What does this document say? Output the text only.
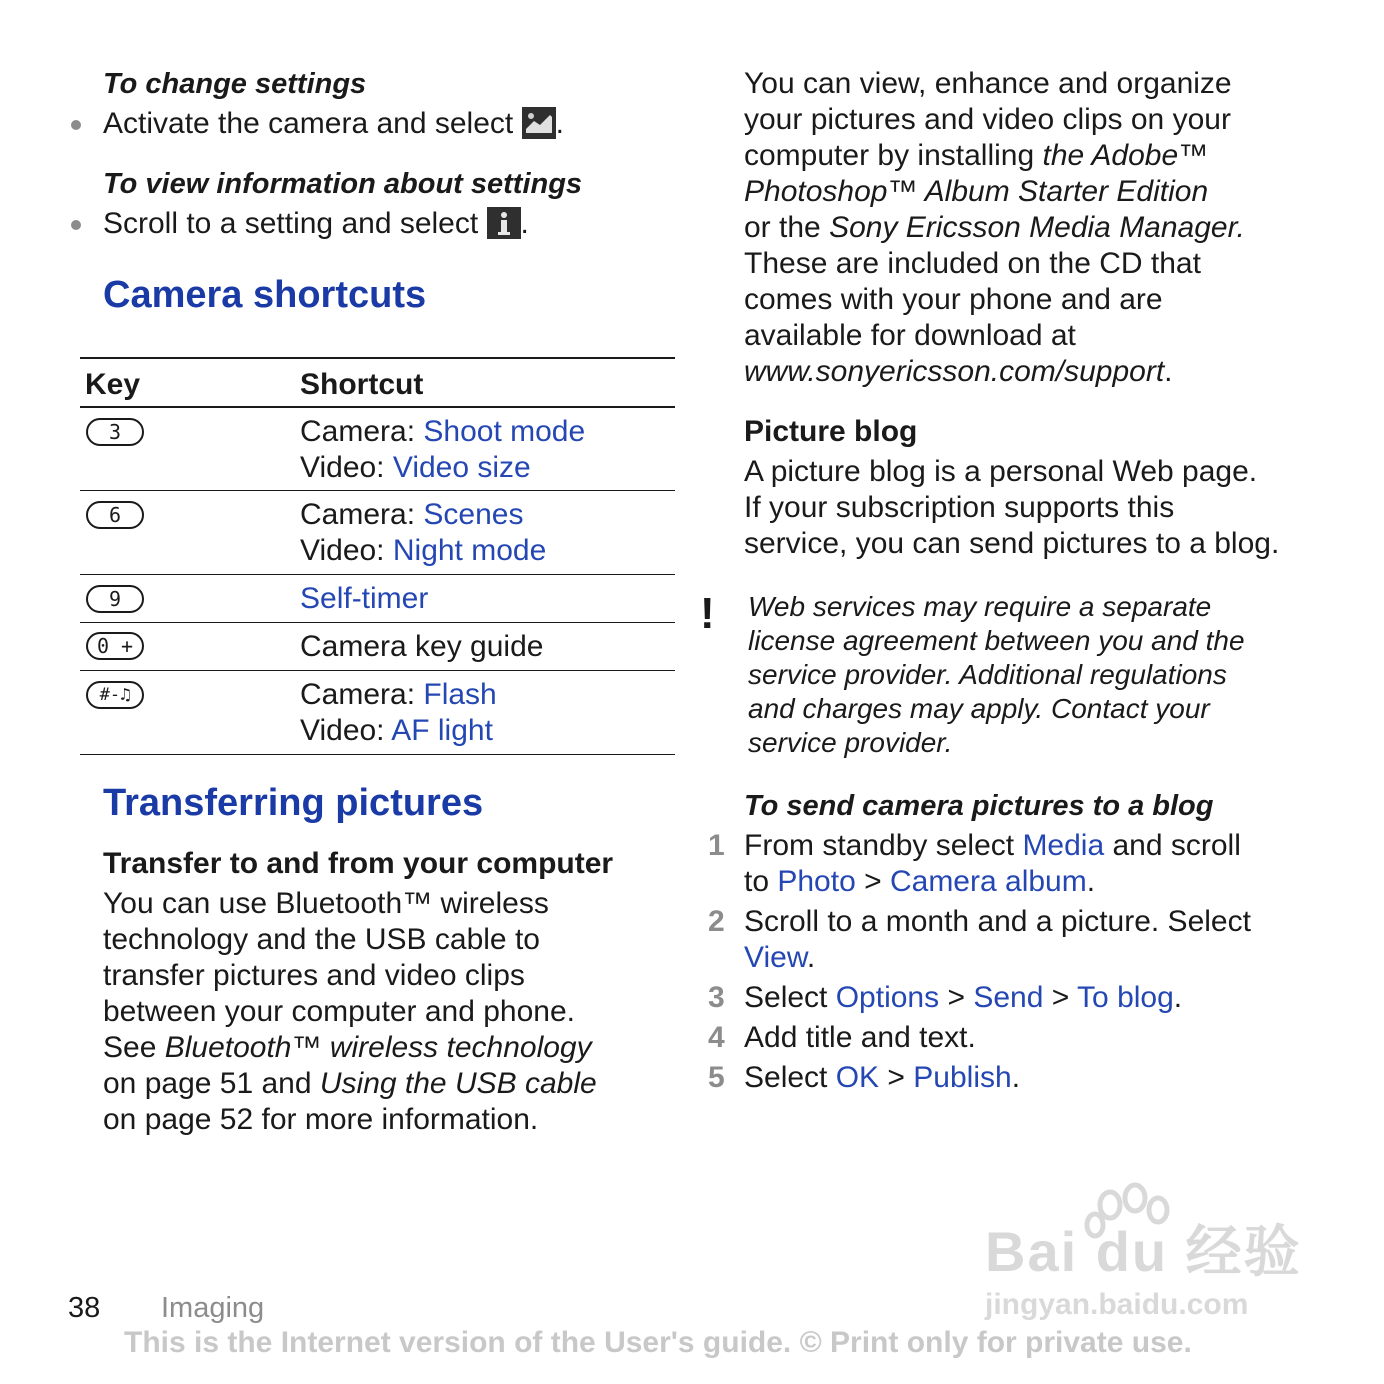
To change settings
Activate the camera and select
.
To view information about settings
Scroll to a setting and select
.
Camera shortcuts
Key	Shortcut
3	Camera: Shoot mode
Video: Video size
6	Camera: Scenes
Video: Night mode
9	Self-timer
0 +	Camera key guide
#-♫	Camera: Flash
Video: AF light
Transferring pictures
Transfer to and from your computer
You can use Bluetooth™ wireless
technology and the USB cable to
transfer pictures and video clips
between your computer and phone.
See Bluetooth™ wireless technology
on page 51 and Using the USB cable
on page 52 for more information.
You can view, enhance and organize
your pictures and video clips on your
computer by installing the Adobe™
Photoshop™ Album Starter Edition
or the Sony Ericsson Media Manager.
These are included on the CD that
comes with your phone and are
available for download at
www.sonyericsson.com/support.
Picture blog
A picture blog is a personal Web page.
If your subscription supports this
service, you can send pictures to a blog.
! Web services may require a separate
license agreement between you and the
service provider. Additional regulations
and charges may apply. Contact your
service provider.
To send camera pictures to a blog
1 From standby select Media and scroll
to Photo > Camera album.
2 Scroll to a month and a picture. Select
View.
3 Select Options > Send > To blog.
4 Add title and text.
5 Select OK > Publish.
Bai du 经验
jingyan.baidu.com
38 Imaging
This is the Internet version of the User's guide. © Print only for private use.
